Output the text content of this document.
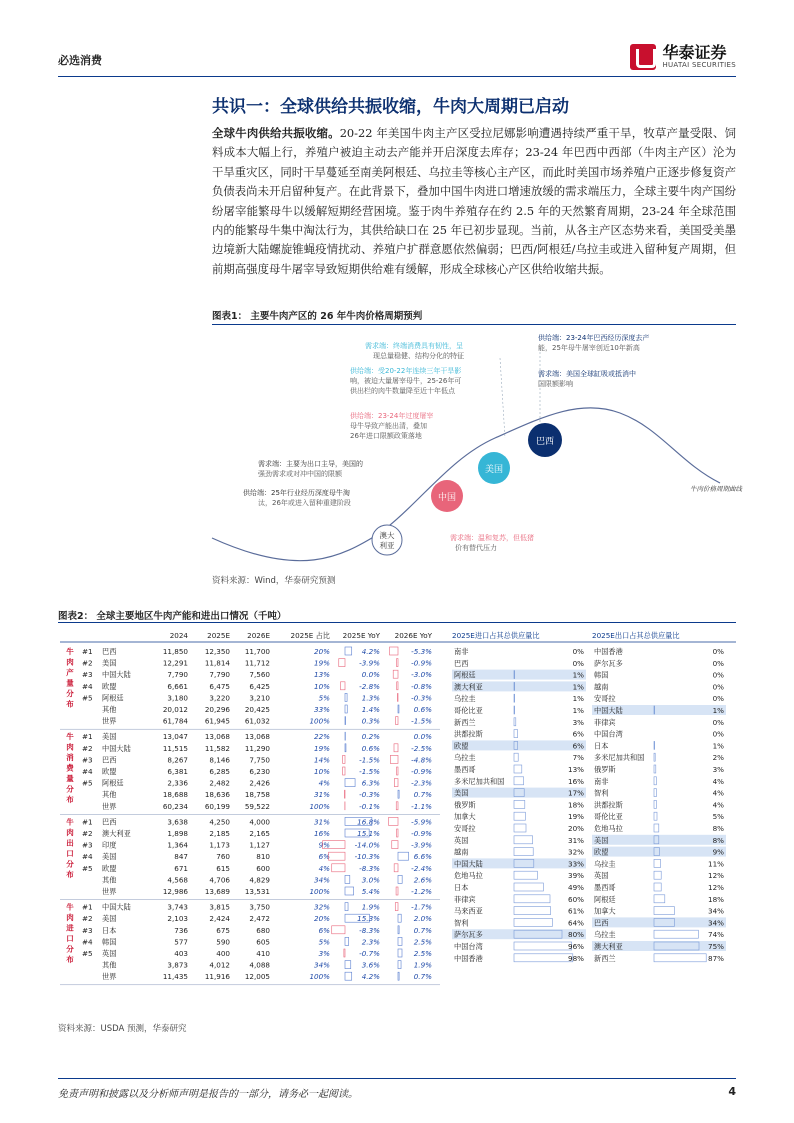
必选消费	华泰证券
HUATAI SECURITIES
共识一：全球供给共振收缩，牛肉大周期已启动
全球牛肉供给共振收缩。20-22 年美国牛肉主产区受拉尼娜影响遭遇持续严重干旱，牧草产量受限、饲料成本大幅上行，养殖户被迫主动去产能并开启深度去库存；23-24 年巴西中西部（牛肉主产区）沦为干旱重灾区，同时干旱蔓延至南美阿根廷、乌拉圭等核心主产区，而此时美国市场养殖户正逐步修复资产负债表尚未开启留种复产。在此背景下，叠加中国牛肉进口增速放缓的需求端压力，全球主要牛肉产国纷纷屠宰能繁母牛以缓解短期经营困境。鉴于肉牛养殖存在约 2.5 年的天然繁育周期，23-24 年全球范围内的能繁母牛集中淘汰行为，其供给缺口在 25 年已初步显现。当前，从各主产区态势来看，美国受美墨边境新大陆螺旋锥蝇疫情扰动、养殖户扩群意愿依然偏弱；巴西/阿根廷/乌拉圭或进入留种复产周期，但前期高强度母牛屠宰导致短期供给难有缓解，形成全球核心产区供给收缩共振。
图表1： 主要牛肉产区的 26 年牛肉价格周期预判
澳大
利亚
中国
美国
巴西
牛肉价格周期曲线
需求端：终端消费具有韧性，呈
现总量稳健、结构分化的特征
供给端：受20-22年连续三年干旱影
响，被迫大量屠宰母牛，25-26年可
供出栏的肉牛数量降至近十年低点
供给端：23-24年过度屠宰
母牛导致产能出清，叠加
26年进口限额政策落地
需求端：主要为出口主导，美国的
强劲需求或对冲中国的限额
供给端：25年行业经历深度母牛淘
汰，26年或进入留种重建阶段
供给端：23-24年巴西经历深度去产
能，25年母牛屠宰创近10年新高
需求端：美国全球缸吸或抵消中
国限额影响
需求端：温和复苏，但低猪
价有替代压力
资料来源：Wind，华泰研究预测
图表2： 全球主要地区牛肉产能和进出口情况（千吨）
2024	2025E 2026E	2025E 占比 2025E YoY 2026E YoY	2025E进口占其总供应量比	2025E出口占其总供应量比
牛
肉
产
量
分
布
#1 巴西	11,850 12,350 11,700	20%	4.2%	-5.3%
#2 美国	12,291 11,814 11,712	19%	-3.9%	-0.9%
#3 中国大陆	7,790	7,790	7,560	13%	0.0%	-3.0%
#4 欧盟	6,661	6,475	6,425	10%	-2.8%	-0.8%
#5 阿根廷	3,180	3,220	3,210	5%	1.3%	-0.3%
其他	20,012 20,296 20,425	33%	1.4%	0.6%
世界	61,784 61,945 61,032	100%	0.3%	-1.5%
牛
肉
消
费
量
分
布
#1 美国	13,047 13,068 13,068	22%	0.2%	0.0%
#2 中国大陆	11,515 11,582 11,290	19%	0.6%	-2.5%
#3 巴西	8,267	8,146	7,750	14%	-1.5%	-4.8%
#4 欧盟	6,381	6,285	6,230	10%	-1.5%	-0.9%
#5 阿根廷	2,336	2,482	2,426	4%	6.3%	-2.3%
其他	18,688 18,636 18,758	31%	-0.3%	0.7%
世界	60,234 60,199 59,522	100%	-0.1%	-1.1%
牛
肉
出
口
分
布
#1 巴西	3,638	4,250	4,000	31%	16.8%	-5.9%
#2 澳大利亚	1,898	2,185	2,165	16%	15.1%	-0.9%
#3 印度	1,364	1,173	1,127	9%	-14.0%	-3.9%
#4 美国	847	760	810	6%	-10.3%	6.6%
#5 欧盟	671	615	600	4%	-8.3%	-2.4%
其他	4,568	4,706	4,829	34%	3.0%	2.6%
世界	12,986 13,689 13,531	100%	5.4%	-1.2%
牛
肉
进
口
分
布
#1 中国大陆	3,743	3,815	3,750	32%	1.9%	-1.7%
#2 美国	2,103	2,424	2,472	20%	15.3%	2.0%
#3 日本	736	675	680	6%	-8.3%	0.7%
#4 韩国	577	590	605	5%	2.3%	2.5%
#5 英国	403	400	410	3%	-0.7%	2.5%
其他	3,873	4,012	4,088	34%	3.6%	1.9%
世界	11,435 11,916 12,005	100%	4.2%	0.7%
南非	0%
巴西	0%
阿根廷	1%
澳大利亚	1%
乌拉圭	1%
哥伦比亚	1%
新西兰	3%
洪都拉斯	6%
欧盟	6%
乌拉圭	7%
墨西哥	13%
多米尼加共和国	16%
美国	17%
俄罗斯	18%
加拿大	19%
安哥拉	20%
英国	31%
越南	32%
中国大陆	33%
危地马拉	39%
日本	49%
菲律宾	60%
马来西亚	61%
智利	64%
萨尔瓦多	80%
中国台湾	96%
中国香港	98%
中国香港	0%
萨尔瓦多	0%
韩国	0%
越南	0%
安哥拉	0%
中国大陆	1%
菲律宾	0%
中国台湾	0%
日本	1%
多米尼加共和国	2%
俄罗斯	3%
南非	4%
智利	4%
洪都拉斯	4%
哥伦比亚	5%
危地马拉	8%
美国	8%
欧盟	9%
乌拉圭	11%
英国	12%
墨西哥	12%
阿根廷	18%
加拿大	34%
巴西	34%
乌拉圭	74%
澳大利亚	75%
新西兰	87%
资料来源：USDA 预测，华泰研究
免责声明和披露以及分析师声明是报告的一部分，请务必一起阅读。	4
